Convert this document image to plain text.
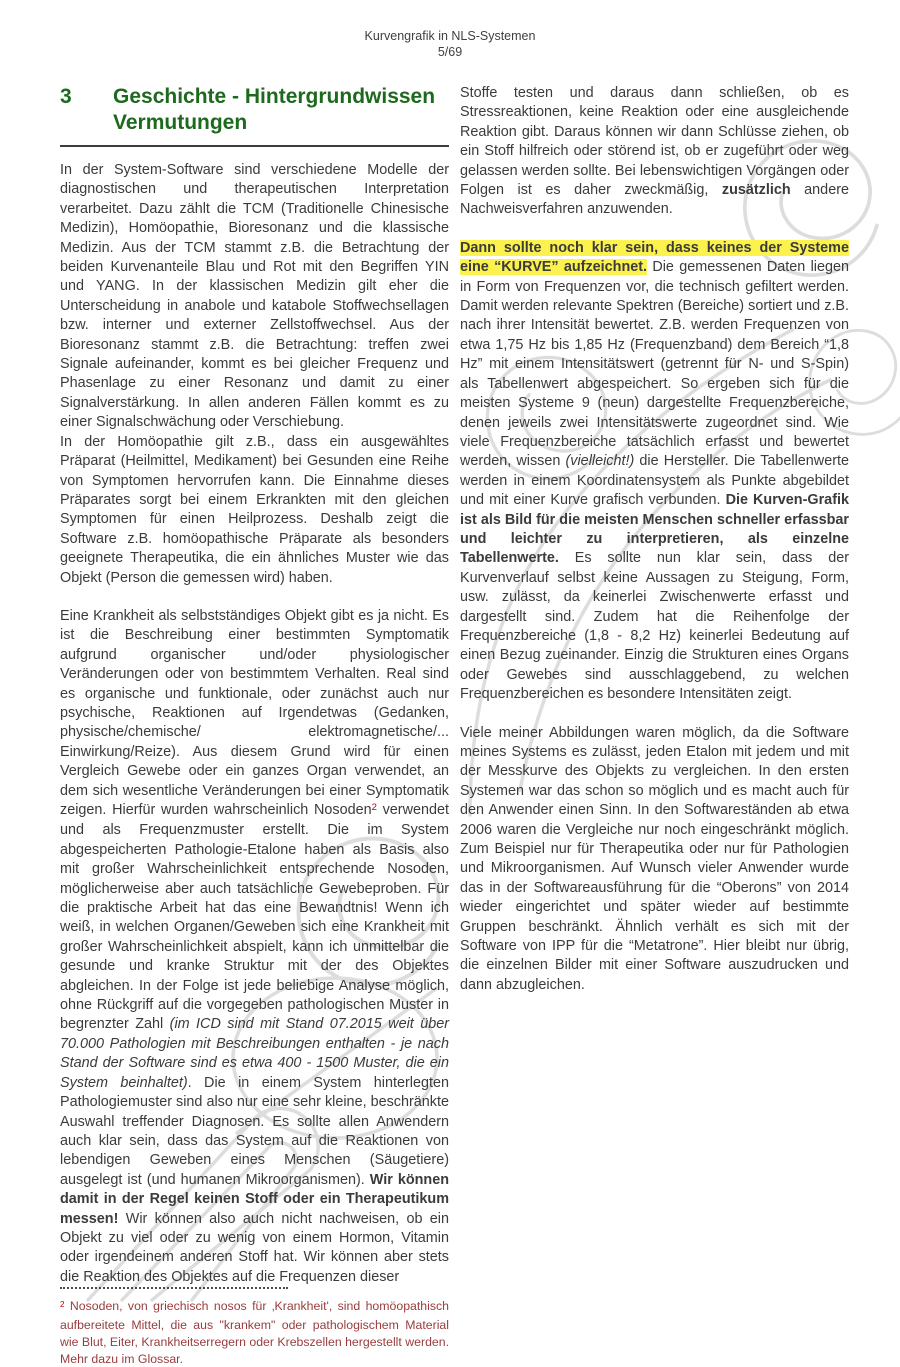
Kurvengrafik in NLS-Systemen
5/69
3	Geschichte - Hintergrundwissen
Vermutungen

In der System-Software sind verschiedene Modelle der diagnostischen und therapeutischen Interpretation verarbeitet. Dazu zählt die TCM (Traditionelle Chinesische Medizin), Homöopathie, Bioresonanz und die klassische Medizin. Aus der TCM stammt z.B. die Betrachtung der beiden Kurvenanteile Blau und Rot mit den Begriffen YIN und YANG. In der klassischen Medizin gilt eher die Unterscheidung in anabole und katabole Stoffwechsellagen bzw. interner und externer Zellstoffwechsel. Aus der Bioresonanz stammt z.B. die Betrachtung: treffen zwei Signale aufeinander, kommt es bei gleicher Frequenz und Phasenlage zu einer Resonanz und damit zu einer Signalverstärkung. In allen anderen Fällen kommt es zu einer Signalschwächung oder Verschiebung.

In der Homöopathie gilt z.B., dass ein ausgewähltes Präparat (Heilmittel, Medikament) bei Gesunden eine Reihe von Symptomen hervorrufen kann. Die Einnahme dieses Präparates sorgt bei einem Erkrankten mit den gleichen Symptomen für einen Heilprozess. Deshalb zeigt die Software z.B. homöopathische Präparate als besonders geeignete Therapeutika, die ein ähnliches Muster wie das Objekt (Person die gemessen wird) haben.

Eine Krankheit als selbstständiges Objekt gibt es ja nicht. Es ist die Beschreibung einer bestimmten Symptomatik aufgrund organischer und/oder physiologischer Veränderungen oder von bestimmtem Verhalten. Real sind es organische und funktionale, oder zunächst auch nur psychische, Reaktionen auf Irgendetwas (Gedanken, physische/chemische/ elektromagnetische/... Einwirkung/Reize). Aus diesem Grund wird für einen Vergleich Gewebe oder ein ganzes Organ verwendet, an dem sich wesentliche Veränderungen bei einer Symptomatik zeigen. Hierfür wurden wahrscheinlich Nosoden$^2$ verwendet und als Frequenzmuster erstellt. Die im System abgespeicherten Pathologie-Etalone haben als Basis also mit großer Wahrscheinlichkeit entsprechende Nosoden, möglicherweise aber auch tatsächliche Gewebeproben. Für die praktische Arbeit hat das eine Bewandtnis! Wenn ich weiß, in welchen Organen/Geweben sich eine Krankheit mit großer Wahrscheinlichkeit abspielt, kann ich unmittelbar die gesunde und kranke Struktur mit der des Objektes abgleichen. In der Folge ist jede beliebige Analyse möglich, ohne Rückgriff auf die vorgegeben pathologischen Muster in begrenzter Zahl (im ICD sind mit Stand 07.2015 weit über 70.000 Pathologien mit Beschreibungen enthalten - je nach Stand der Software sind es etwa 400 - 1500 Muster, die ein System beinhaltet). Die in einem System hinterlegten Pathologiemuster sind also nur eine sehr kleine, beschränkte Auswahl treffender Diagnosen. Es sollte allen Anwendern auch klar sein, dass das System auf die Reaktionen von lebendigen Geweben eines Menschen (Säugetiere) ausgelegt ist (und humanen Mikroorganismen). Wir können damit in der Regel keinen Stoff oder ein Therapeutikum messen! Wir können also auch nicht nachweisen, ob ein Objekt zu viel oder zu wenig von einem Hormon, Vitamin oder irgendeinem anderen Stoff hat. Wir können aber stets die Reaktion des Objektes auf die Frequenzen dieser

$^2$ Nosoden, von griechisch nosos für ‚Krankheit', sind homöopathisch aufbereitete Mittel, die aus "krankem" oder pathologischem Material wie Blut, Eiter, Krankheitserregern oder Krebszellen hergestellt werden. Mehr dazu im Glossar.

Stoffe testen und daraus dann schließen, ob es Stressreaktionen, keine Reaktion oder eine ausgleichende Reaktion gibt. Daraus können wir dann Schlüsse ziehen, ob ein Stoff hilfreich oder störend ist, ob er zugeführt oder weg gelassen werden sollte. Bei lebenswichtigen Vorgängen oder Folgen ist es daher zweckmäßig, zusätzlich andere Nachweisverfahren anzuwenden.

Dann sollte noch klar sein, dass keines der Systeme eine “KURVE” aufzeichnet. Die gemessenen Daten liegen in Form von Frequenzen vor, die technisch gefiltert werden. Damit werden relevante Spektren (Bereiche) sortiert und z.B. nach ihrer Intensität bewertet. Z.B. werden Frequenzen von etwa 1,75 Hz bis 1,85 Hz (Frequenzband) dem Bereich “1,8 Hz” mit einem Intensitätswert (getrennt für N- und S-Spin) als Tabellenwert abgespeichert. So ergeben sich für die meisten Systeme 9 (neun) dargestellte Frequenzbereiche, denen jeweils zwei Intensitätswerte zugeordnet sind. Wie viele Frequenzbereiche tatsächlich erfasst und bewertet werden, wissen (vielleicht!) die Hersteller. Die Tabellenwerte werden in einem Koordinatensystem als Punkte abgebildet und mit einer Kurve grafisch verbunden. Die Kurven-Grafik ist als Bild für die meisten Menschen schneller erfassbar und leichter zu interpretieren, als einzelne Tabellenwerte. Es sollte nun klar sein, dass der Kurvenverlauf selbst keine Aussagen zu Steigung, Form, usw. zulässt, da keinerlei Zwischenwerte erfasst und dargestellt sind. Zudem hat die Reihenfolge der Frequenzbereiche (1,8 - 8,2 Hz) keinerlei Bedeutung auf einen Bezug zueinander. Einzig die Strukturen eines Organs oder Gewebes sind ausschlaggebend, zu welchen Frequenzbereichen es besondere Intensitäten zeigt.

Viele meiner Abbildungen waren möglich, da die Software meines Systems es zulässt, jeden Etalon mit jedem und mit der Messkurve des Objekts zu vergleichen. In den ersten Systemen war das schon so möglich und es macht auch für den Anwender einen Sinn. In den Softwareständen ab etwa 2006 waren die Vergleiche nur noch eingeschränkt möglich. Zum Beispiel nur für Therapeutika oder nur für Pathologien und Mikroorganismen. Auf Wunsch vieler Anwender wurde das in der Softwareausführung für die “Oberons” von 2014 wieder eingerichtet und später wieder auf bestimmte Gruppen beschränkt. Ähnlich verhält es sich mit der Software von IPP für die “Metatrone”. Hier bleibt nur übrig, die einzelnen Bilder mit einer Software auszudrucken und dann abzugleichen.
